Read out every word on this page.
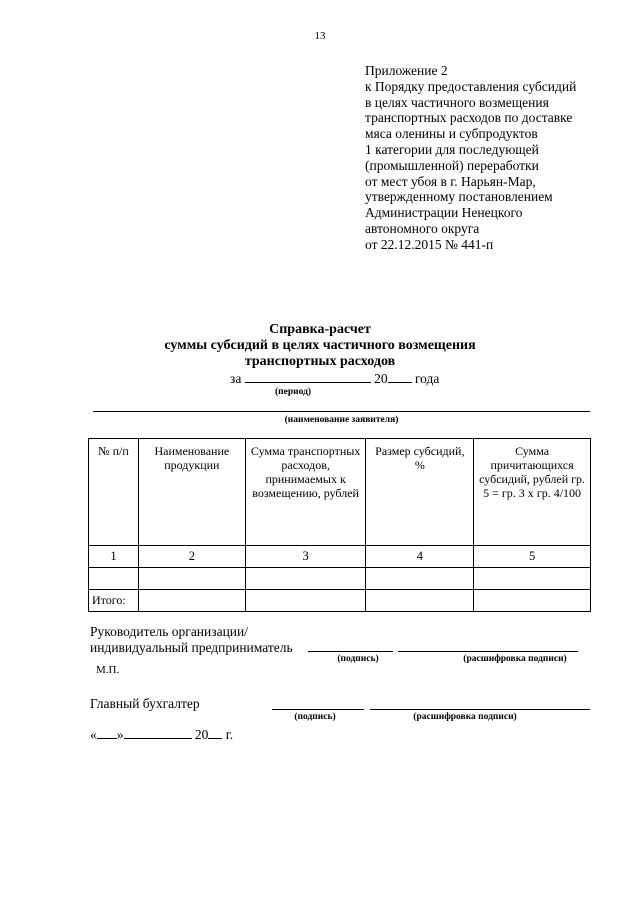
13
Приложение 2
к Порядку предоставления субсидий
в целях частичного возмещения
транспортных расходов по доставке
мяса оленины и субпродуктов
1 категории для последующей
(промышленной) переработки
от мест убоя в г. Нарьян-Мар,
утвержденному постановлением
Администрации Ненецкого
автономного округа
от 22.12.2015 № 441-п
Справка-расчет
суммы субсидий в целях частичного возмещения
транспортных расходов
за	20 года
(период)
(наименование заявителя)
№ п/п	Наименование продукции	Сумма транспортных расходов, принимаемых к возмещению, рублей	Размер субсидий, %	Сумма причитающихся субсидий, рублей гр. 5 = гр. 3 х гр. 4/100
1	2	3	4	5

Итого:				
Руководитель организации/
индивидуальный предприниматель
(подпись)	(расшифровка подписи)
М.П.
Главный бухгалтер
(подпись)	(расшифровка подписи)
« »	20 г.
